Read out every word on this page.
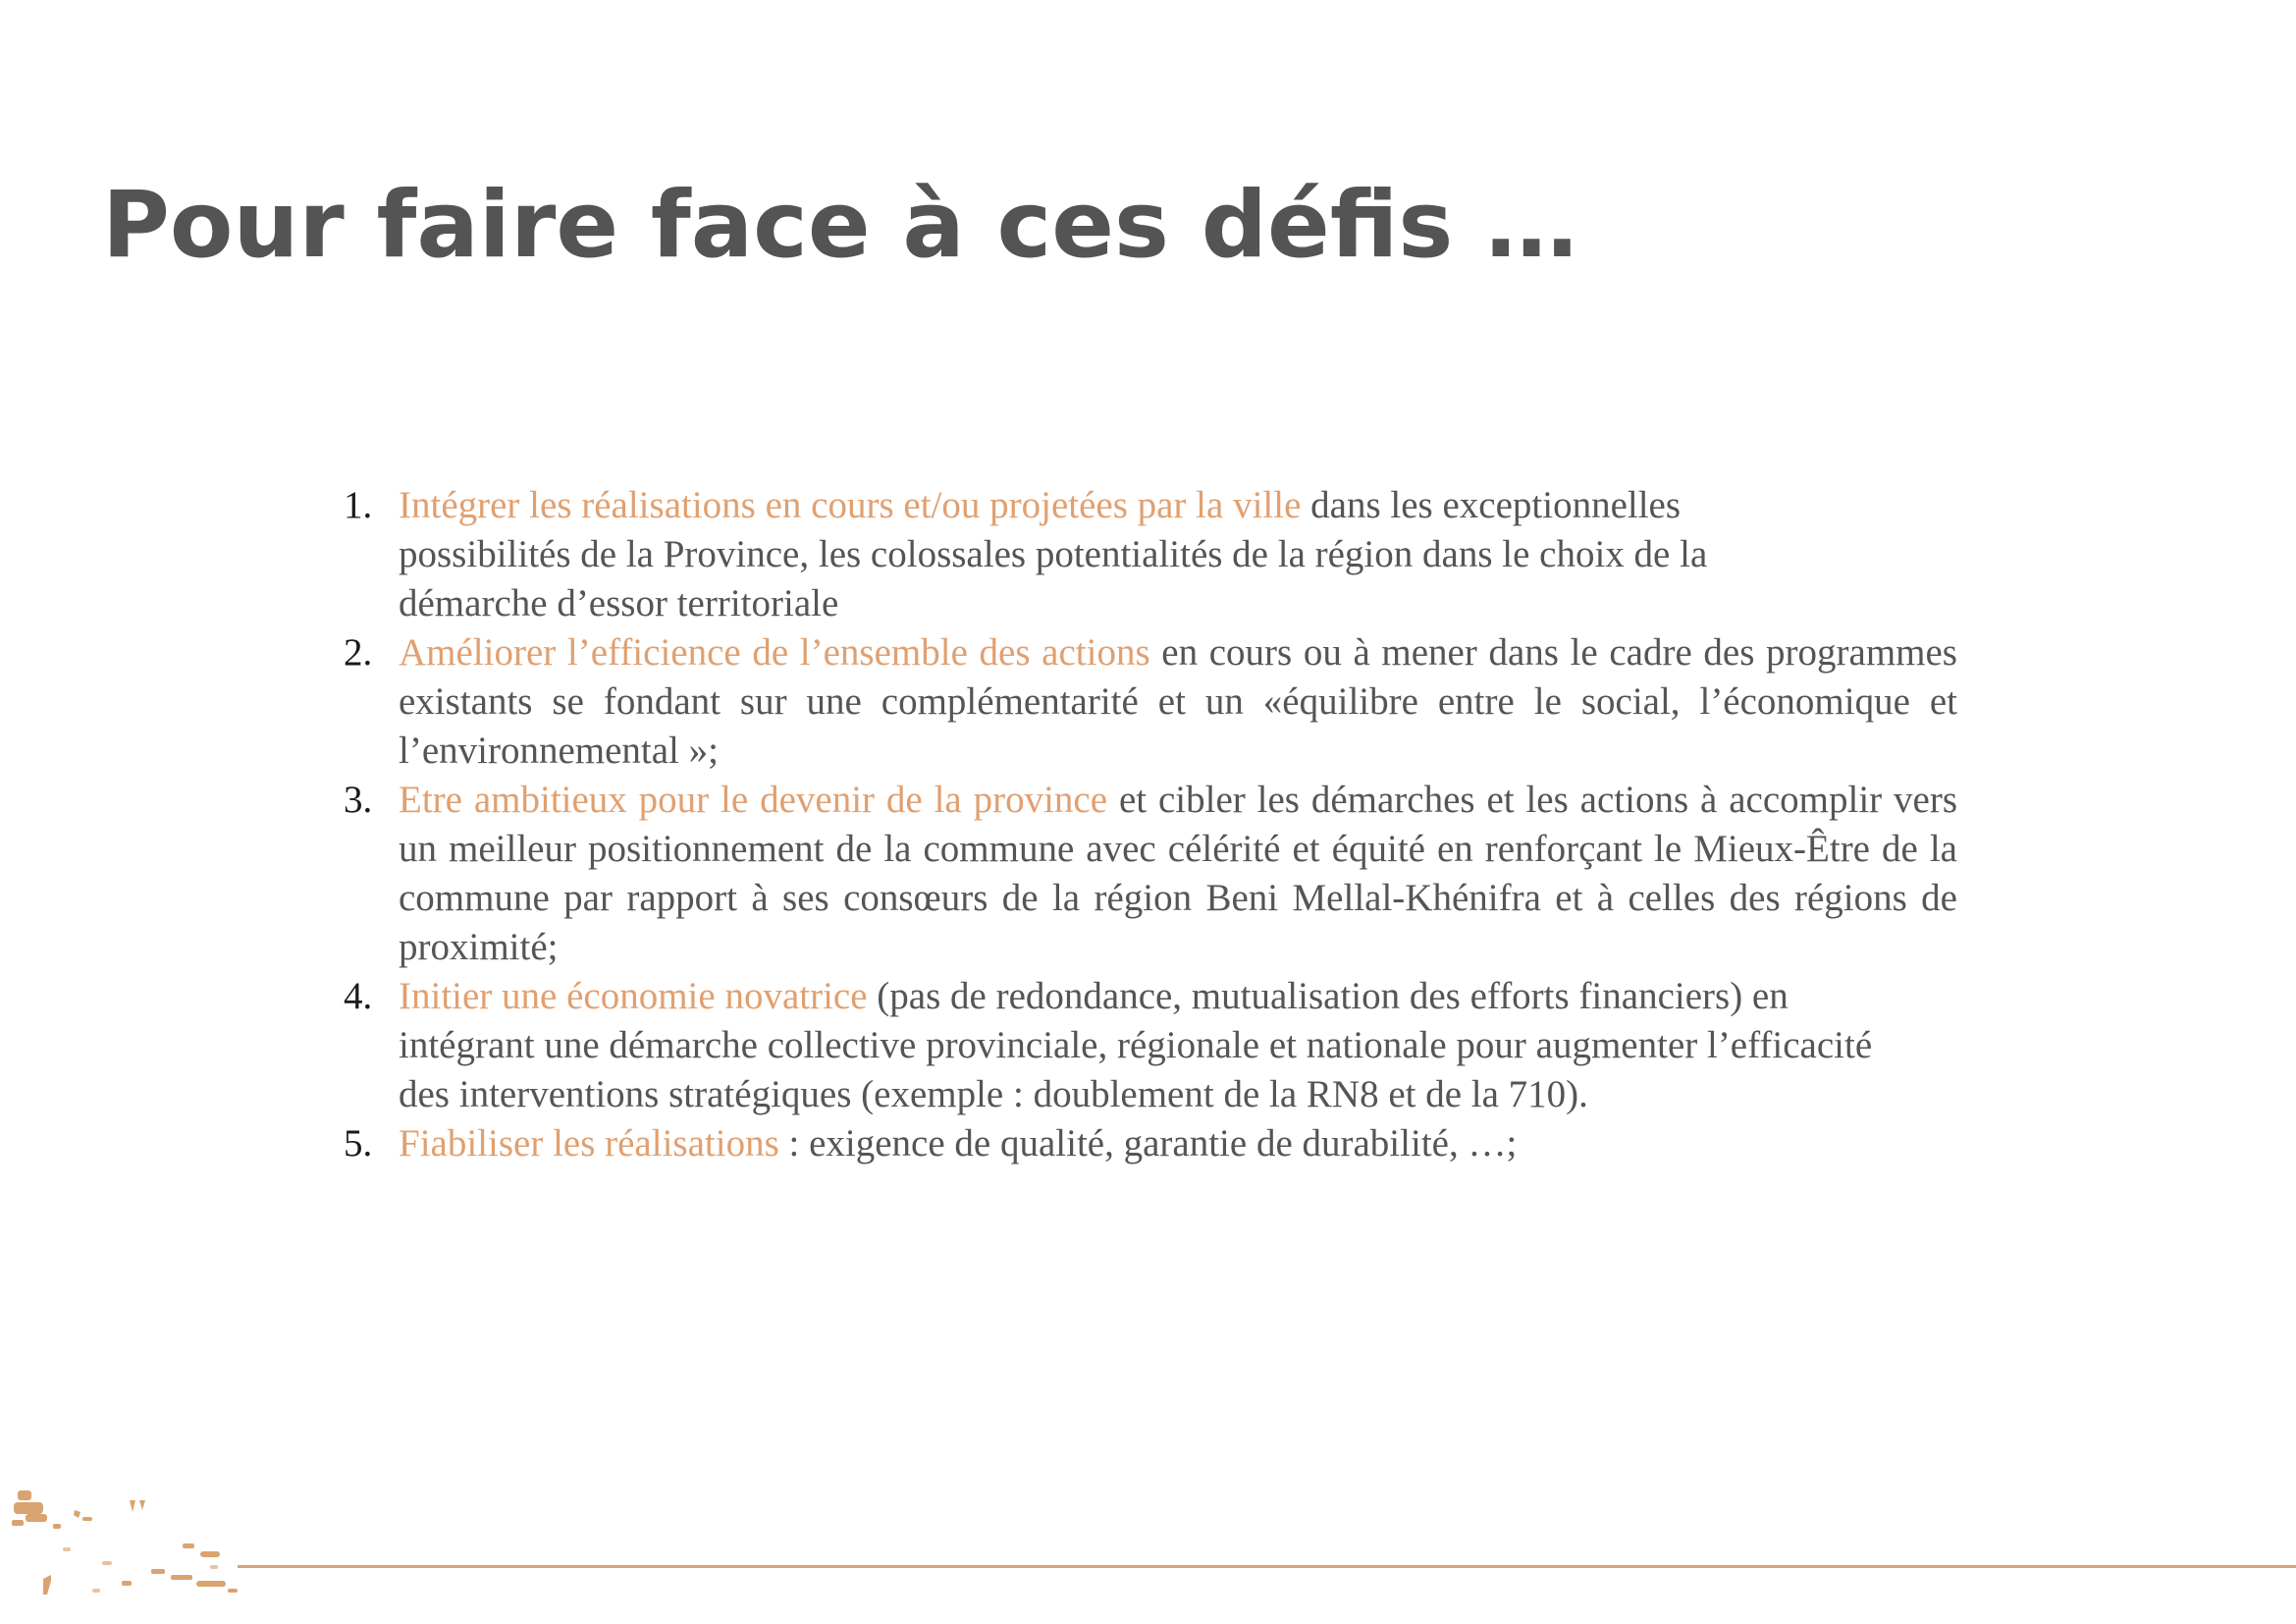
Pour faire face à ces défis …
1. Intégrer les réalisations en cours et/ou projetées par la ville dans les exceptionnelles possibilités de la Province, les colossales potentialités de la région dans le choix de la démarche d’essor territoriale
2. Améliorer l’efficience de l’ensemble des actions en cours ou à mener dans le cadre des programmes existants se fondant sur une complémentarité et un «équilibre entre le social, l’économique et l’environnemental »;
3. Etre ambitieux pour le devenir de la province et cibler les démarches et les actions à accomplir vers un meilleur positionnement de la commune avec célérité et équité en renforçant le Mieux-Être de la commune par rapport à ses consœurs de la région Beni Mellal-Khénifra et à celles des régions de proximité;
4. Initier une économie novatrice (pas de redondance, mutualisation des efforts financiers) en intégrant une démarche collective provinciale, régionale et nationale pour augmenter l’efficacité des interventions stratégiques (exemple : doublement de la RN8 et de la 710).
5. Fiabiliser les réalisations : exigence de qualité, garantie de durabilité, …;
